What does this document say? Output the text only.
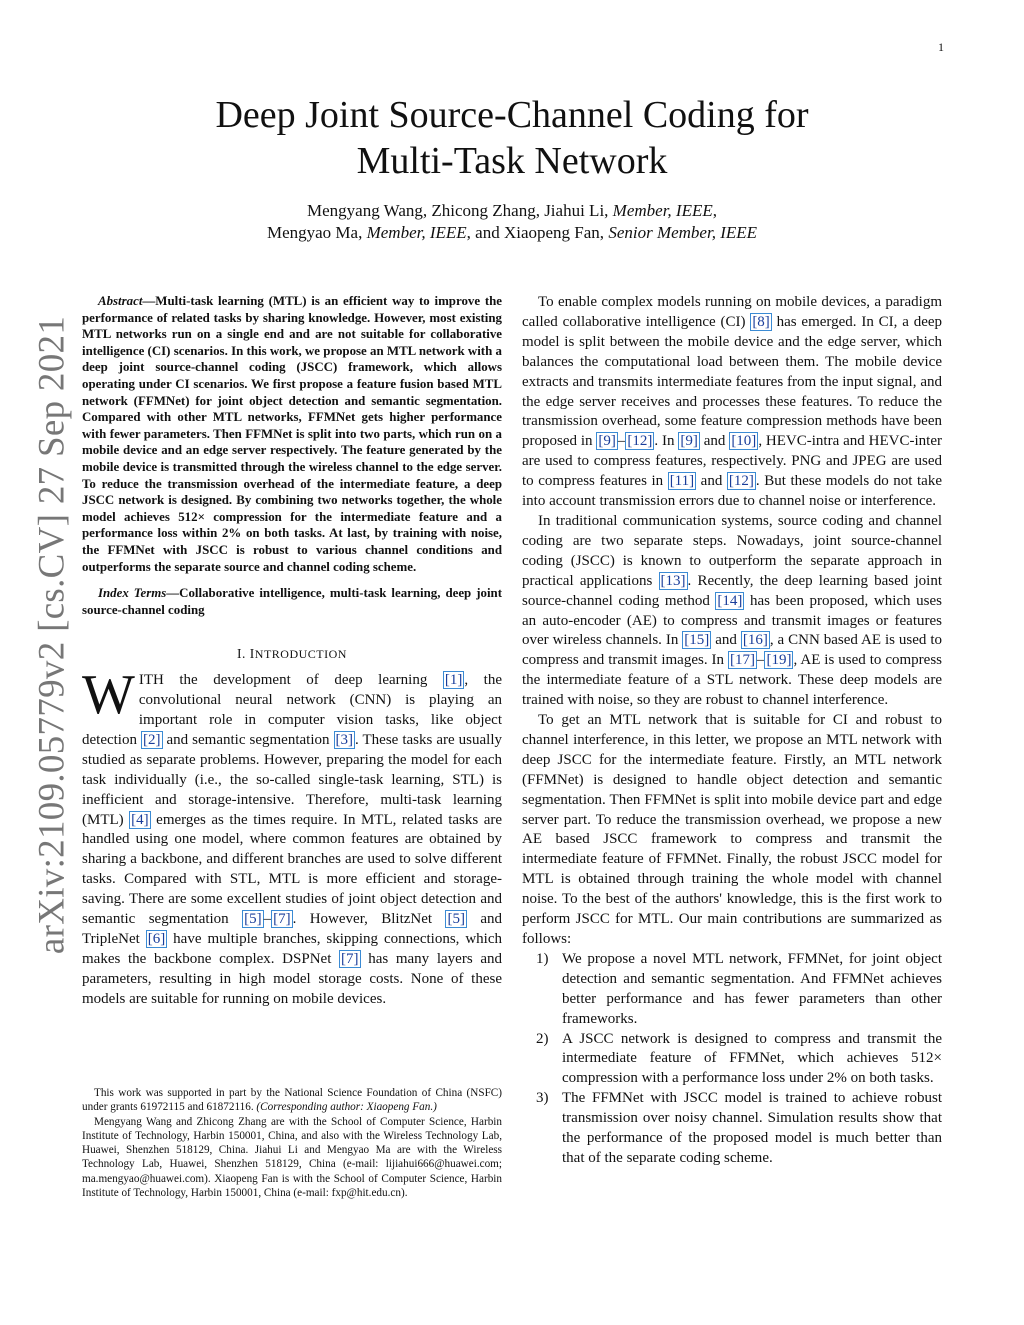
1
arXiv:2109.05779v2 [cs.CV] 27 Sep 2021
Deep Joint Source-Channel Coding for
Multi-Task Network
Mengyang Wang, Zhicong Zhang, Jiahui Li, Member, IEEE,
Mengyao Ma, Member, IEEE, and Xiaopeng Fan, Senior Member, IEEE

Abstract—Multi-task learning (MTL) is an efficient way to improve the performance of related tasks by sharing knowledge. However, most existing MTL networks run on a single end and are not suitable for collaborative intelligence (CI) scenarios. In this work, we propose an MTL network with a deep joint source-channel coding (JSCC) framework, which allows operating under CI scenarios. We first propose a feature fusion based MTL network (FFMNet) for joint object detection and semantic segmentation. Compared with other MTL networks, FFMNet gets higher performance with fewer parameters. Then FFMNet is split into two parts, which run on a mobile device and an edge server respectively. The feature generated by the mobile device is transmitted through the wireless channel to the edge server. To reduce the transmission overhead of the intermediate feature, a deep JSCC network is designed. By combining two networks together, the whole model achieves 512× compression for the intermediate feature and a performance loss within 2% on both tasks. At last, by training with noise, the FFMNet with JSCC is robust to various channel conditions and outperforms the separate source and channel coding scheme.

Index Terms—Collaborative intelligence, multi-task learning, deep joint source-channel coding

I. INTRODUCTION

WITH the development of deep learning [1] , the convolutional neural network (CNN) is playing an important role in computer vision tasks, like object detection [2] and semantic segmentation [3] . These tasks are usually studied as separate problems. However, preparing the model for each task individually (i.e., the so-called single-task learning, STL) is inefficient and storage-intensive. Therefore, multi-task learning (MTL) [4] emerges as the times require. In MTL, related tasks are handled using one model, where common features are obtained by sharing a backbone, and different branches are used to solve different tasks. Compared with STL, MTL is more efficient and storage-saving. There are some excellent studies of joint object detection and semantic segmentation [5] – [7] . However, BlitzNet [5] and TripleNet [6] have multiple branches, skipping connections, which makes the backbone complex. DSPNet [7] has many layers and parameters, resulting in high model storage costs. None of these models are suitable for running on mobile devices.

This work was supported in part by the National Science Foundation of China (NSFC) under grants 61972115 and 61872116. (Corresponding author: Xiaopeng Fan.)

Mengyang Wang and Zhicong Zhang are with the School of Computer Science, Harbin Institute of Technology, Harbin 150001, China, and also with the Wireless Technology Lab, Huawei, Shenzhen 518129, China. Jiahui Li and Mengyao Ma are with the Wireless Technology Lab, Huawei, Shenzhen 518129, China (e-mail: lijiahui666@huawei.com; ma.mengyao@huawei.com). Xiaopeng Fan is with the School of Computer Science, Harbin Institute of Technology, Harbin 150001, China (e-mail: fxp@hit.edu.cn).

To enable complex models running on mobile devices, a paradigm called collaborative intelligence (CI) [8] has emerged. In CI, a deep model is split between the mobile device and the edge server, which balances the computational load between them. The mobile device extracts and transmits intermediate features from the input signal, and the edge server receives and processes these features. To reduce the transmission overhead, some feature compression methods have been proposed in [9] – [12] . In [9] and [10] , HEVC-intra and HEVC-inter are used to compress features, respectively. PNG and JPEG are used to compress features in [11] and [12] . But these models do not take into account transmission errors due to channel noise or interference.

In traditional communication systems, source coding and channel coding are two separate steps. Nowadays, joint source-channel coding (JSCC) is known to outperform the separate approach in practical applications [13] . Recently, the deep learning based joint source-channel coding method [14] has been proposed, which uses an auto-encoder (AE) to compress and transmit images or features over wireless channels. In [15] and [16] , a CNN based AE is used to compress and transmit images. In [17] – [19] , AE is used to compress the intermediate feature of a STL network. These deep models are trained with noise, so they are robust to channel interference.

To get an MTL network that is suitable for CI and robust to channel interference, in this letter, we propose an MTL network with deep JSCC for the intermediate feature. Firstly, an MTL network (FFMNet) is designed to handle object detection and semantic segmentation. Then FFMNet is split into mobile device part and edge server part. To reduce the transmission overhead, we propose a new AE based JSCC framework to compress and transmit the intermediate feature of FFMNet. Finally, the robust JSCC model for MTL is obtained through training the whole model with channel noise. To the best of the authors' knowledge, this is the first work to perform JSCC for MTL. Our main contributions are summarized as follows:

1) We propose a novel MTL network, FFMNet, for joint object detection and semantic segmentation. And FFMNet achieves better performance and has fewer parameters than other frameworks.
2) A JSCC network is designed to compress and transmit the intermediate feature of FFMNet, which achieves 512× compression with a performance loss under 2% on both tasks.
3) The FFMNet with JSCC model is trained to achieve robust transmission over noisy channel. Simulation results show that the performance of the proposed model is much better than that of the separate coding scheme.
